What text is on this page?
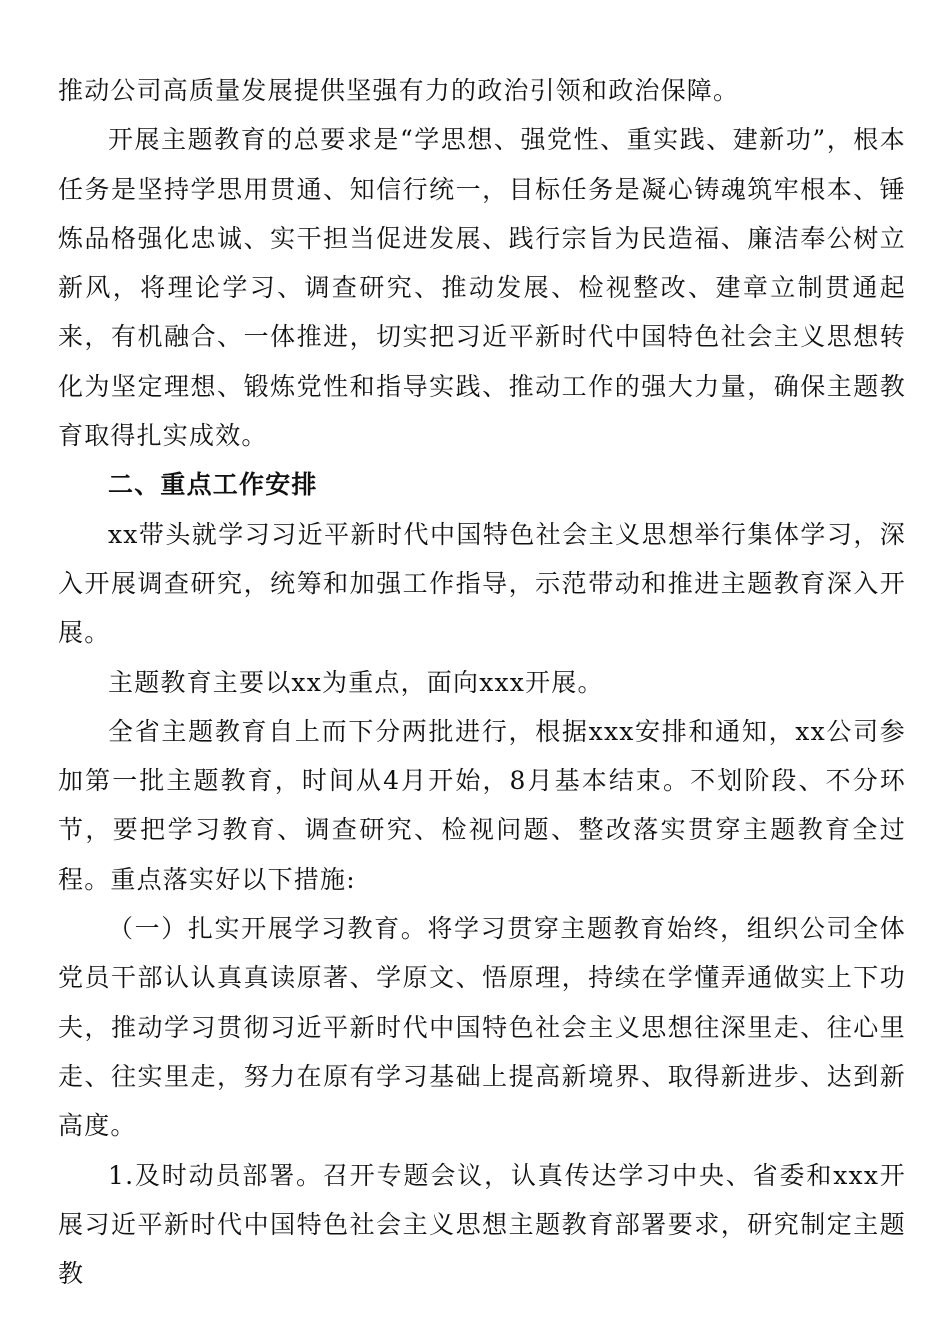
推动公司高质量发展提供坚强有力的政治引领和政治保障。

开展主题教育的总要求是“学思想、强党性、重实践、建新功”，根本任务是坚持学思用贯通、知信行统一，目标任务是凝心铸魂筑牢根本、锤炼品格强化忠诚、实干担当促进发展、践行宗旨为民造福、廉洁奉公树立新风，将理论学习、调查研究、推动发展、检视整改、建章立制贯通起来，有机融合、一体推进，切实把习近平新时代中国特色社会主义思想转化为坚定理想、锻炼党性和指导实践、推动工作的强大力量，确保主题教育取得扎实成效。

二、重点工作安排

xx带头就学习习近平新时代中国特色社会主义思想举行集体学习，深入开展调查研究，统筹和加强工作指导，示范带动和推进主题教育深入开展。

主题教育主要以xx为重点，面向xxx开展。

全省主题教育自上而下分两批进行，根据xxx安排和通知，xx公司参加第一批主题教育，时间从4月开始，8月基本结束。不划阶段、不分环节，要把学习教育、调查研究、检视问题、整改落实贯穿主题教育全过程。重点落实好以下措施:

（一）扎实开展学习教育。将学习贯穿主题教育始终，组织公司全体党员干部认认真真读原著、学原文、悟原理，持续在学懂弄通做实上下功夫，推动学习贯彻习近平新时代中国特色社会主义思想往深里走、往心里走、往实里走，努力在原有学习基础上提高新境界、取得新进步、达到新高度。

1.及时动员部署。召开专题会议，认真传达学习中央、省委和xxx开展习近平新时代中国特色社会主义思想主题教育部署要求，研究制定主题教
